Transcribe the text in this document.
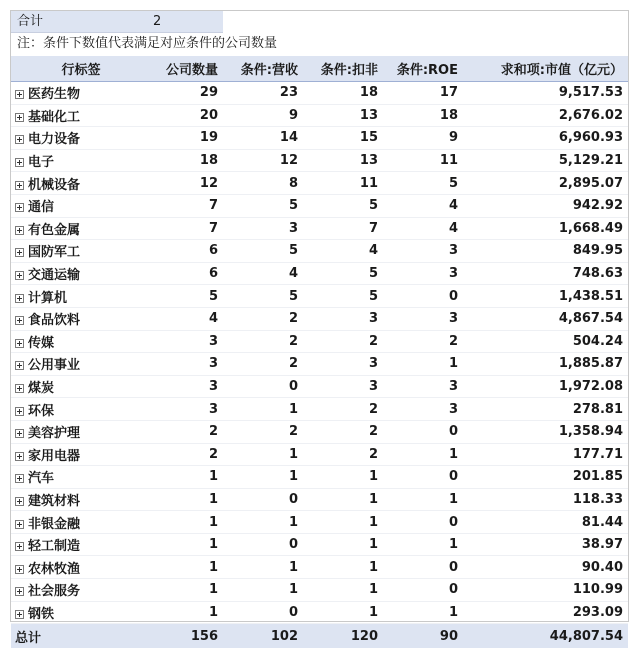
合计	2
注：条件下数值代表满足对应条件的公司数量
行标签	公司数量	条件:营收	条件:扣非	条件:ROE	求和项:市值（亿元）
医药生物	29	23	18	17	9,517.53
基础化工	20	9	13	18	2,676.02
电力设备	19	14	15	9	6,960.93
电子	18	12	13	11	5,129.21
机械设备	12	8	11	5	2,895.07
通信	7	5	5	4	942.92
有色金属	7	3	7	4	1,668.49
国防军工	6	5	4	3	849.95
交通运输	6	4	5	3	748.63
计算机	5	5	5	0	1,438.51
食品饮料	4	2	3	3	4,867.54
传媒	3	2	2	2	504.24
公用事业	3	2	3	1	1,885.87
煤炭	3	0	3	3	1,972.08
环保	3	1	2	3	278.81
美容护理	2	2	2	0	1,358.94
家用电器	2	1	2	1	177.71
汽车	1	1	1	0	201.85
建筑材料	1	0	1	1	118.33
非银金融	1	1	1	0	81.44
轻工制造	1	0	1	1	38.97
农林牧渔	1	1	1	0	90.40
社会服务	1	1	1	0	110.99
钢铁	1	0	1	1	293.09
总计	156	102	120	90	44,807.54
